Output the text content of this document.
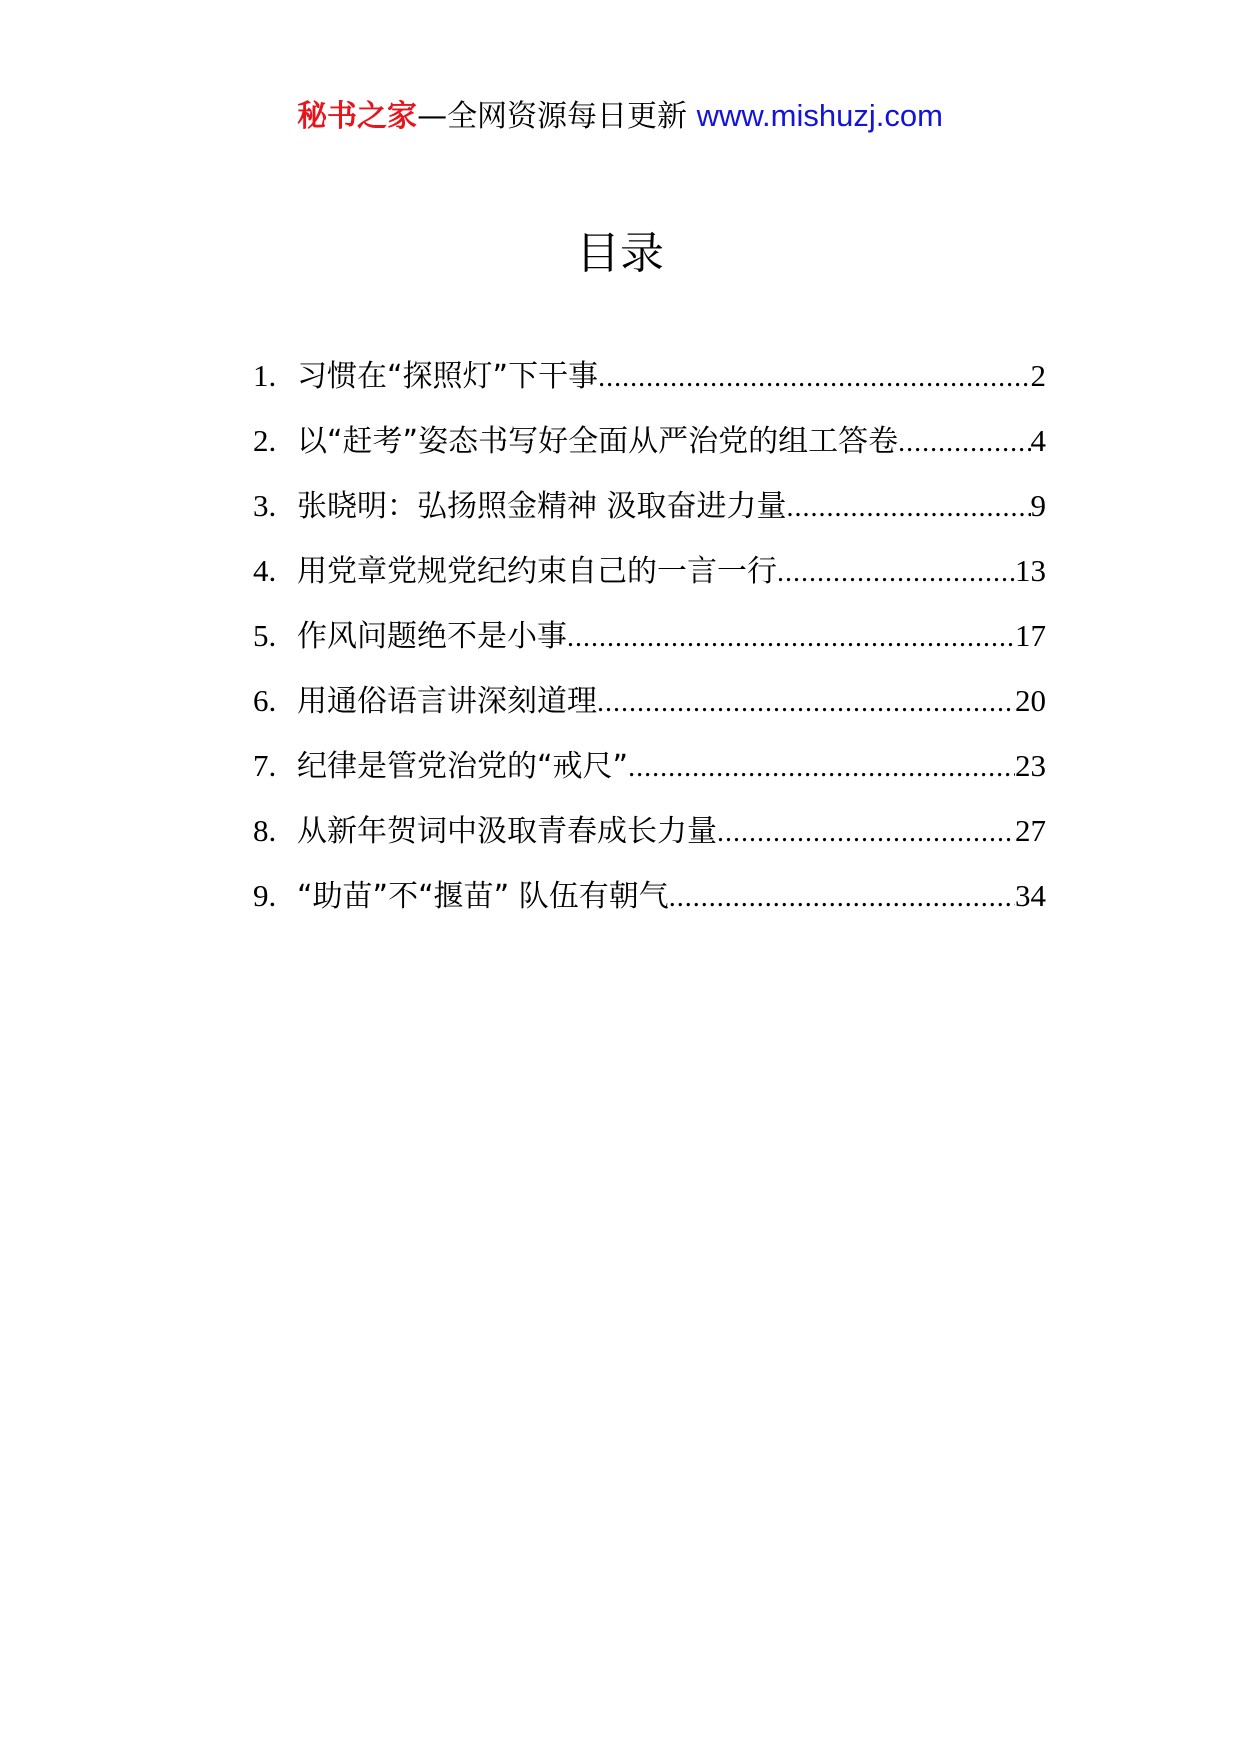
秘书之家—全网资源每日更新 www.mishuzj.com
目录
1. 习惯在“探照灯”下干事 .....	2
2. 以“赶考”姿态书写好全面从严治党的组工答卷 .....	4
3. 张晓明：弘扬照金精神 汲取奋进力量 .....	9
4. 用党章党规党纪约束自己的一言一行 .....	13
5. 作风问题绝不是小事 .....	17
6. 用通俗语言讲深刻道理 .....	20
7. 纪律是管党治党的“戒尺” .....	23
8. 从新年贺词中汲取青春成长力量 .....	27
9. “助苗”不“揠苗” 队伍有朝气 .....	34
